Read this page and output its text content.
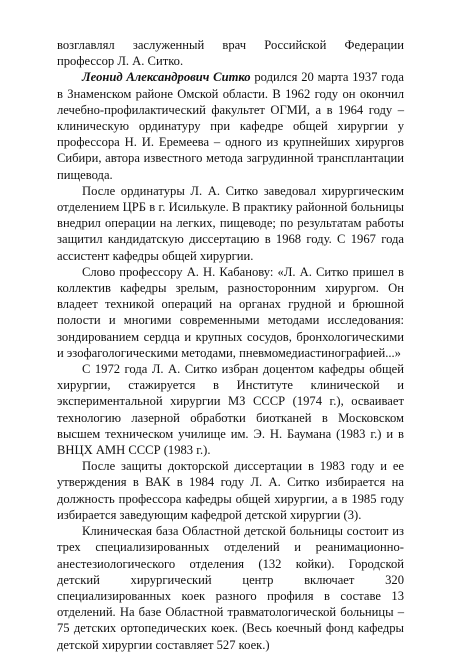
возглавлял заслуженный врач Российской Федерации профессор Л. А. Ситко.

Леонид Александрович Ситко родился 20 марта 1937 года в Знаменском районе Омской области. В 1962 году он окончил лечебно-профилактический факультет ОГМИ, а в 1964 году – клиническую ординатуру при кафедре общей хирургии у профессора Н. И. Еремеева – одного из крупнейших хирургов Сибири, автора известного метода загрудинной трансплантации пищевода.

После ординатуры Л. А. Ситко заведовал хирургическим отделением ЦРБ в г. Исилькуле. В практику районной больницы внедрил операции на легких, пищеводе; по результатам работы защитил кандидатскую диссертацию в 1968 году. С 1967 года ассистент кафедры общей хирургии.

Слово профессору А. Н. Кабанову: «Л. А. Ситко пришел в коллектив кафедры зрелым, разносторонним хирургом. Он владеет техникой операций на органах грудной и брюшной полости и многими современными методами исследования: зондированием сердца и крупных сосудов, бронхологическими и эзофагологическими методами, пневмомедиастинографией...»

С 1972 года Л. А. Ситко избран доцентом кафедры общей хирургии, стажируется в Институте клинической и экспериментальной хирургии МЗ СССР (1974 г.), осваивает технологию лазерной обработки биотканей в Московском высшем техническом училище им. Э. Н. Баумана (1983 г.) и в ВНЦХ АМН СССР (1983 г.).

После защиты докторской диссертации в 1983 году и ее утверждения в ВАК в 1984 году Л. А. Ситко избирается на должность профессора кафедры общей хирургии, а в 1985 году избирается заведующим кафедрой детской хирургии (3).

Клиническая база Областной детской больницы состоит из трех специализированных отделений и реанимационно-анестезиологического отделения (132 койки). Городской детский хирургический центр включает 320 специализированных коек разного профиля в составе 13 отделений. На базе Областной травматологической больницы – 75 детских ортопедических коек. (Весь коечный фонд кафедры детской хирургии составляет 527 коек.)
